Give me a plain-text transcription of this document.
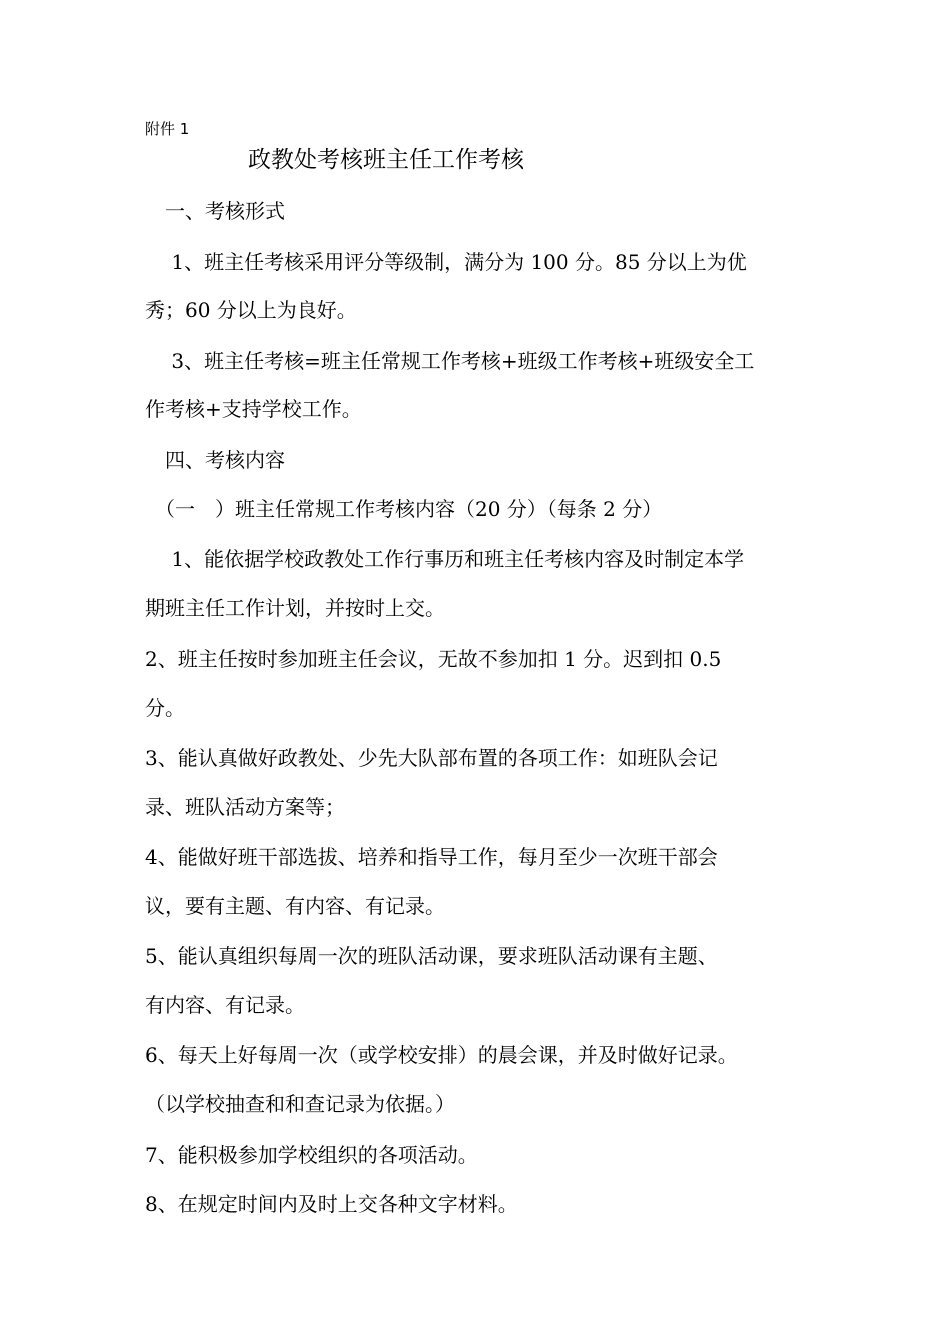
附件 1
政教处考核班主任工作考核
　一、考核形式
　 1、班主任考核采用评分等级制，满分为 100 分。85 分以上为优
秀；60 分以上为良好。
　 3、班主任考核=班主任常规工作考核+班级工作考核+班级安全工
作考核+支持学校工作。
　四、考核内容
　（一　）班主任常规工作考核内容（20 分）（每条 2 分）
　 1、能依据学校政教处工作行事历和班主任考核内容及时制定本学
期班主任工作计划，并按时上交。
2、班主任按时参加班主任会议，无故不参加扣 1 分。迟到扣 0.5
分。
3、能认真做好政教处、少先大队部布置的各项工作：如班队会记
录、班队活动方案等；
4、能做好班干部选拔、培养和指导工作，每月至少一次班干部会
议，要有主题、有内容、有记录。
5、能认真组织每周一次的班队活动课，要求班队活动课有主题、
有内容、有记录。
6、每天上好每周一次（或学校安排）的晨会课，并及时做好记录。
（以学校抽查和和查记录为依据。）
7、能积极参加学校组织的各项活动。
8、在规定时间内及时上交各种文字材料。
